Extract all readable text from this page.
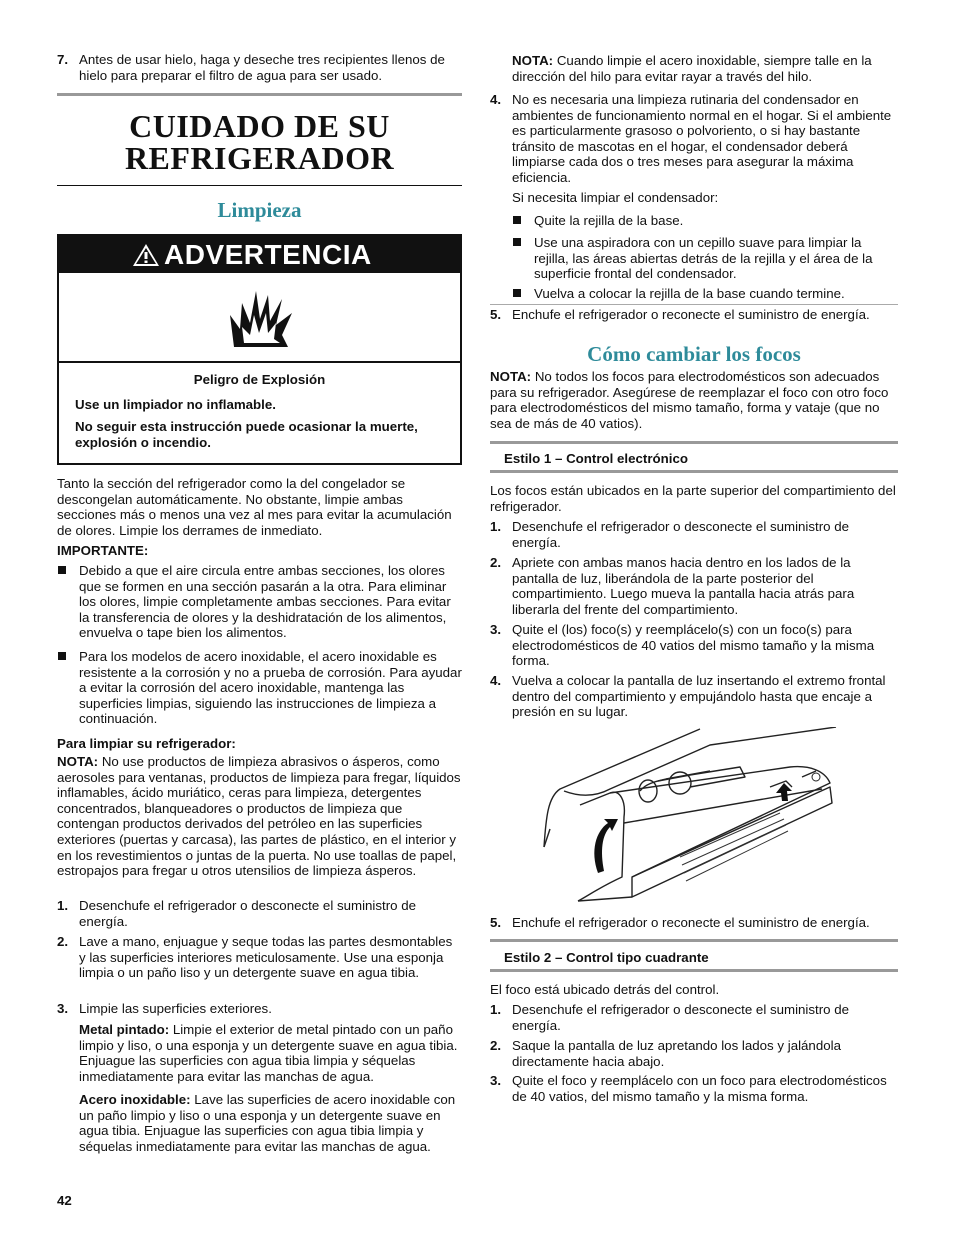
7. Antes de usar hielo, haga y deseche tres recipientes llenos de hielo para preparar el filtro de agua para ser usado.

CUIDADO DE SU
REFRIGERADOR
Limpieza
ADVERTENCIA
Peligro de Explosión
Use un limpiador no inflamable.
No seguir esta instrucción puede ocasionar la muerte, explosión o incendio.

Tanto la sección del refrigerador como la del congelador se descongelan automáticamente. No obstante, limpie ambas secciones más o menos una vez al mes para evitar la acumulación de olores. Limpie los derrames de inmediato.

IMPORTANTE:

Debido a que el aire circula entre ambas secciones, los olores que se formen en una sección pasarán a la otra. Para eliminar los olores, limpie completamente ambas secciones. Para evitar la transferencia de olores y la deshidratación de los alimentos, envuelva o tape bien los alimentos.

Para los modelos de acero inoxidable, el acero inoxidable es resistente a la corrosión y no a prueba de corrosión. Para ayudar a evitar la corrosión del acero inoxidable, mantenga las superficies limpias, siguiendo las instrucciones de limpieza a continuación.

Para limpiar su refrigerador:

NOTA: No use productos de limpieza abrasivos o ásperos, como aerosoles para ventanas, productos de limpieza para fregar, líquidos inflamables, ácido muriático, ceras para limpieza, detergentes concentrados, blanqueadores o productos de limpieza que contengan productos derivados del petróleo en las superficies exteriores (puertas y carcasa), las partes de plástico, en el interior y en los revestimientos o juntas de la puerta. No use toallas de papel, estropajos para fregar u otros utensilios de limpieza ásperos.

1. Desenchufe el refrigerador o desconecte el suministro de energía.

2. Lave a mano, enjuague y seque todas las partes desmontables y las superficies interiores meticulosamente. Use una esponja limpia o un paño liso y un detergente suave en agua tibia.

3. Limpie las superficies exteriores.

Metal pintado: Limpie el exterior de metal pintado con un paño limpio y liso, o una esponja y un detergente suave en agua tibia. Enjuague las superficies con agua tibia limpia y séquelas inmediatamente para evitar las manchas de agua.

Acero inoxidable: Lave las superficies de acero inoxidable con un paño limpio y liso o una esponja y un detergente suave en agua tibia. Enjuague las superficies con agua tibia limpia y séquelas inmediatamente para evitar las manchas de agua.

42

NOTA: Cuando limpie el acero inoxidable, siempre talle en la dirección del hilo para evitar rayar a través del hilo.

4. No es necesaria una limpieza rutinaria del condensador en ambientes de funcionamiento normal en el hogar. Si el ambiente es particularmente grasoso o polvoriento, o si hay bastante tránsito de mascotas en el hogar, el condensador deberá limpiarse cada dos o tres meses para asegurar la máxima eficiencia.

Si necesita limpiar el condensador:

Quite la rejilla de la base.

Use una aspiradora con un cepillo suave para limpiar la rejilla, las áreas abiertas detrás de la rejilla y el área de la superficie frontal del condensador.

Vuelva a colocar la rejilla de la base cuando termine.

5. Enchufe el refrigerador o reconecte el suministro de energía.

Cómo cambiar los focos

NOTA: No todos los focos para electrodomésticos son adecuados para su refrigerador. Asegúrese de reemplazar el foco con otro foco para electrodomésticos del mismo tamaño, forma y vataje (que no sea de más de 40 vatios).

Estilo 1 – Control electrónico

Los focos están ubicados en la parte superior del compartimiento del refrigerador.

1. Desenchufe el refrigerador o desconecte el suministro de energía.

2. Apriete con ambas manos hacia dentro en los lados de la pantalla de luz, liberándola de la parte posterior del compartimiento. Luego mueva la pantalla hacia atrás para liberarla del frente del compartimiento.

3. Quite el (los) foco(s) y reemplácelo(s) con un foco(s) para electrodomésticos de 40 vatios del mismo tamaño y la misma forma.

4. Vuelva a colocar la pantalla de luz insertando el extremo frontal dentro del compartimiento y empujándolo hasta que encaje a presión en su lugar.

5. Enchufe el refrigerador o reconecte el suministro de energía.

Estilo 2 – Control tipo cuadrante

El foco está ubicado detrás del control.

1. Desenchufe el refrigerador o desconecte el suministro de energía.

2. Saque la pantalla de luz apretando los lados y jalándola directamente hacia abajo.

3. Quite el foco y reemplácelo con un foco para electrodomésticos de 40 vatios, del mismo tamaño y la misma forma.
